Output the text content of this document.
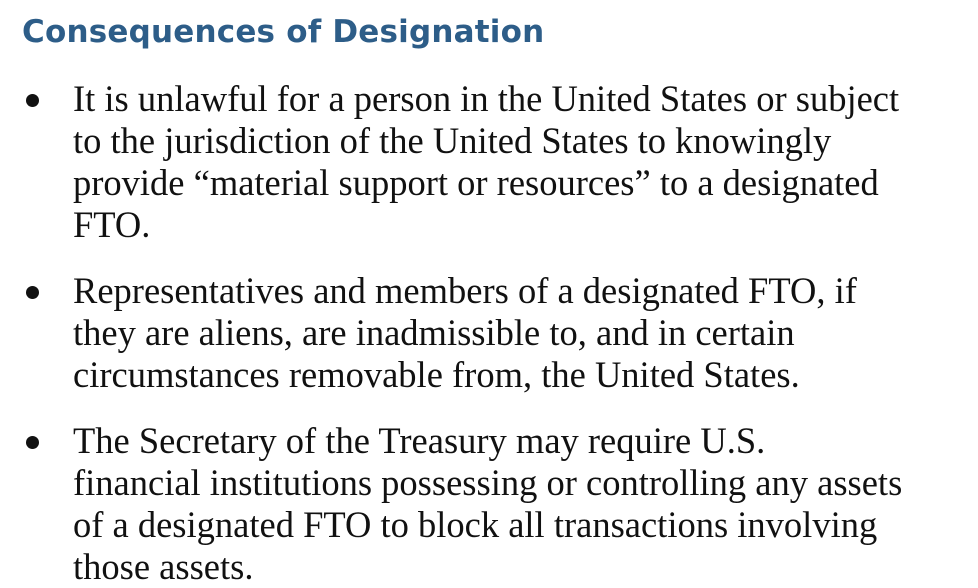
Consequences of Designation

It is unlawful for a person in the United States or subject
to the jurisdiction of the United States to knowingly
provide “material support or resources” to a designated
FTO.

Representatives and members of a designated FTO, if
they are aliens, are inadmissible to, and in certain
circumstances removable from, the United States.

The Secretary of the Treasury may require U.S.
financial institutions possessing or controlling any assets
of a designated FTO to block all transactions involving
those assets.
